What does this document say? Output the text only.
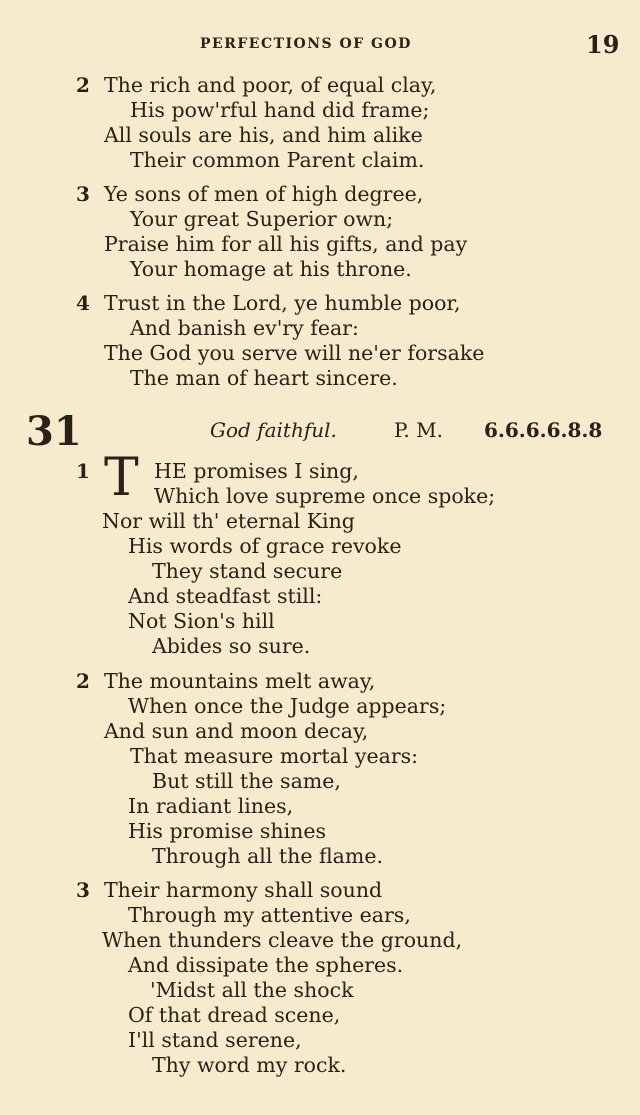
PERFECTIONS OF GOD	19
2 The rich and poor, of equal clay,
His pow'rful hand did frame;
All souls are his, and him alike
Their common Parent claim.
3 Ye sons of men of high degree,
Your great Superior own;
Praise him for all his gifts, and pay
Your homage at his throne.
4 Trust in the Lord, ye humble poor,
And banish ev'ry fear:
The God you serve will ne'er forsake
The man of heart sincere.
31	God faithful.	P. M. 6.6.6.6.8.8
1 T HE promises I sing,
Which love supreme once spoke;
Nor will th' eternal King
His words of grace revoke
They stand secure
And steadfast still:
Not Sion's hill
Abides so sure.
2 The mountains melt away,
When once the Judge appears;
And sun and moon decay,
That measure mortal years:
But still the same,
In radiant lines,
His promise shines
Through all the flame.
3 Their harmony shall sound
Through my attentive ears,
When thunders cleave the ground,
And dissipate the spheres.
'Midst all the shock
Of that dread scene,
I'll stand serene,
Thy word my rock.
